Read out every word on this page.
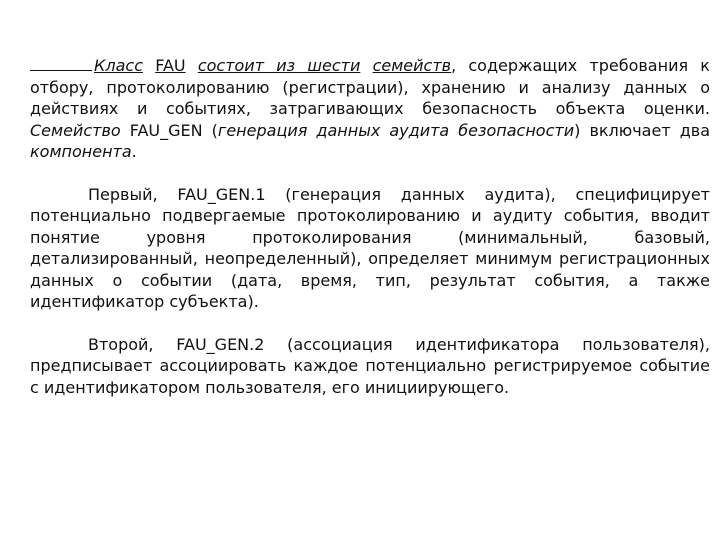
Класс FAU состоит из шести семейств, содержащих требования к отбору, протоколированию (регистрации), хранению и анализу данных о действиях и событиях, затрагивающих безопасность объекта оценки. Семейство FAU_GEN (генерация данных аудита безопасности) включает два компонента.

Первый, FAU_GEN.1 (генерация данных аудита), специфицирует потенциально подвергаемые протоколированию и аудиту события, вводит понятие уровня протоколирования (минимальный, базовый, детализированный, неопределенный), определяет минимум регистрационных данных о событии (дата, время, тип, результат события, а также идентификатор субъекта).

Второй, FAU_GEN.2 (ассоциация идентификатора пользователя), предписывает ассоциировать каждое потенциально регистрируемое событие с идентификатором пользователя, его инициирующего.
